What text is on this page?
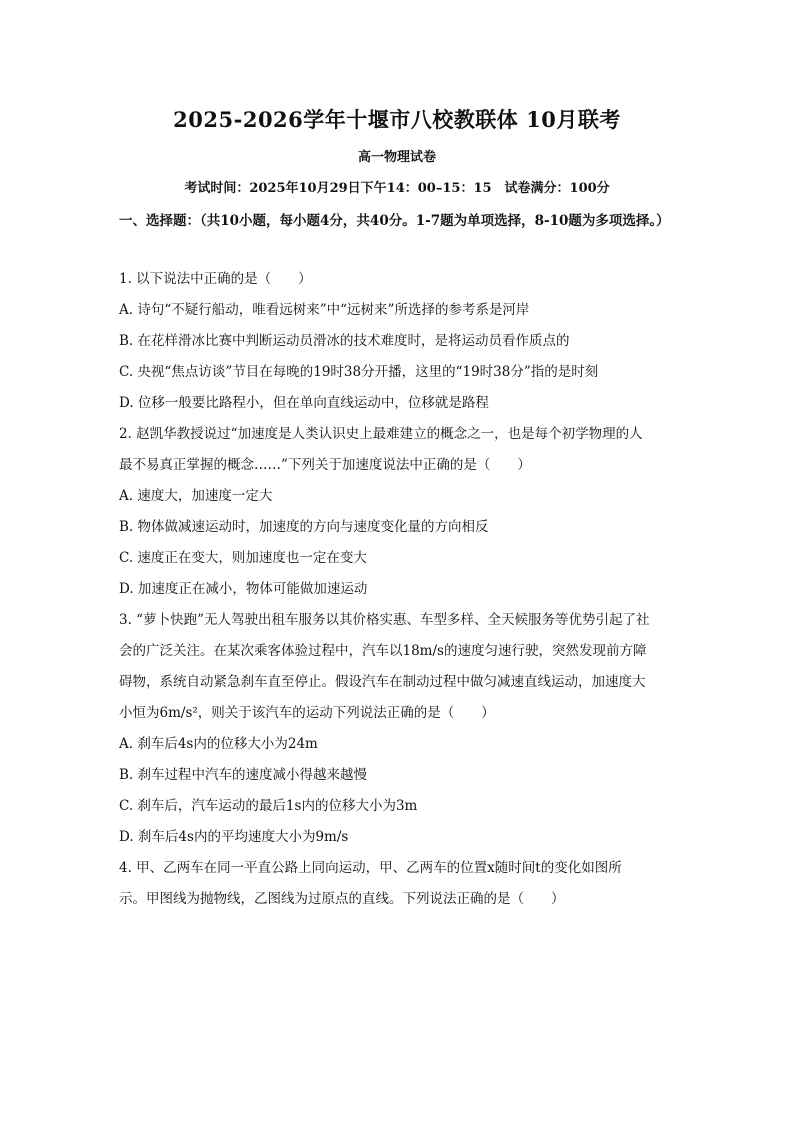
2025-2026学年十堰市八校教联体 10月联考
高一物理试卷
考试时间：2025年10月29日下午14：00–15：15　试卷满分：100分
一、选择题：（共10小题，每小题4分，共40分。1-7题为单项选择，8-10题为多项选择。）
1. 以下说法中正确的是（　　）
A. 诗句“不疑行船动，唯看远树来”中“远树来”所选择的参考系是河岸
B. 在花样滑冰比赛中判断运动员滑冰的技术难度时，是将运动员看作质点的
C. 央视“焦点访谈”节目在每晚的19时38分开播，这里的“19时38分”指的是时刻
D. 位移一般要比路程小，但在单向直线运动中，位移就是路程
2. 赵凯华教授说过“加速度是人类认识史上最难建立的概念之一，也是每个初学物理的人
最不易真正掌握的概念……”下列关于加速度说法中正确的是（　　）
A. 速度大，加速度一定大
B. 物体做减速运动时，加速度的方向与速度变化量的方向相反
C. 速度正在变大，则加速度也一定在变大
D. 加速度正在减小，物体可能做加速运动
3. “萝卜快跑”无人驾驶出租车服务以其价格实惠、车型多样、全天候服务等优势引起了社
会的广泛关注。在某次乘客体验过程中，汽车以18m/s的速度匀速行驶，突然发现前方障
碍物，系统自动紧急刹车直至停止。假设汽车在制动过程中做匀减速直线运动，加速度大
小恒为6m/s²，则关于该汽车的运动下列说法正确的是（　　）
A. 刹车后4s内的位移大小为24m
B. 刹车过程中汽车的速度减小得越来越慢
C. 刹车后，汽车运动的最后1s内的位移大小为3m
D. 刹车后4s内的平均速度大小为9m/s
4. 甲、乙两车在同一平直公路上同向运动，甲、乙两车的位置x随时间t的变化如图所
示。甲图线为抛物线，乙图线为过原点的直线。下列说法正确的是（　　）
